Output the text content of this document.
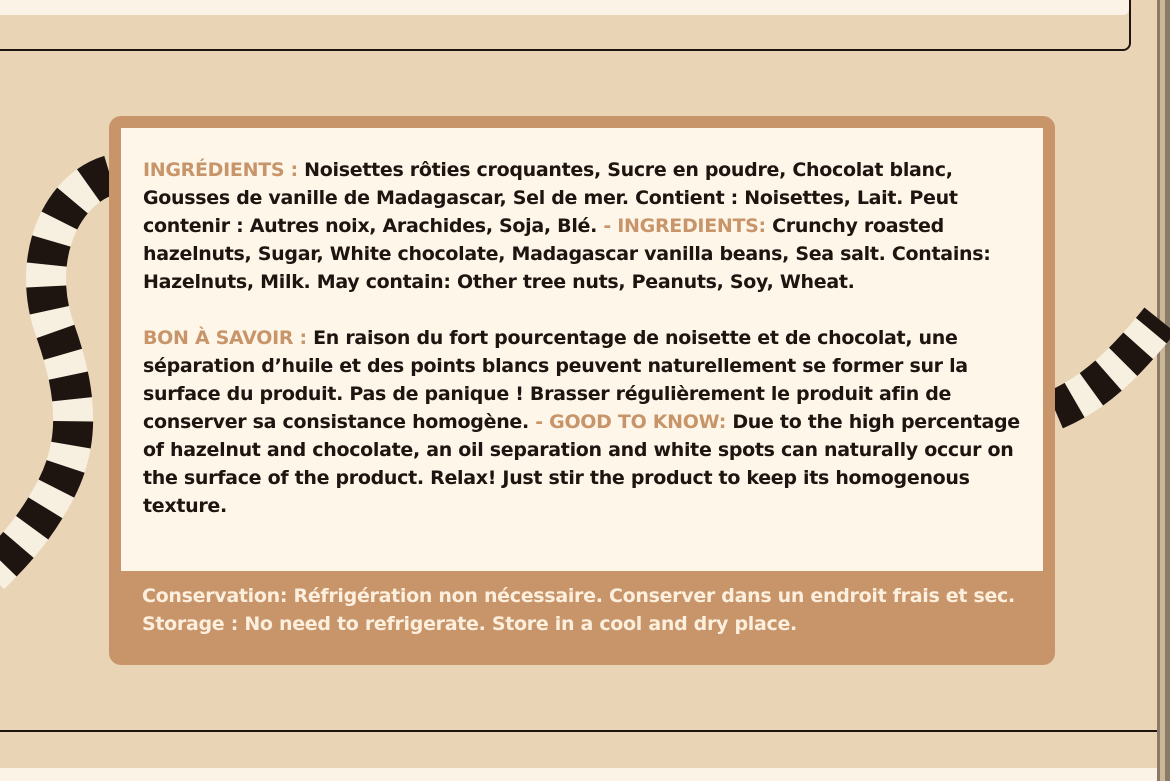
INGRÉDIENTS : Noisettes rôties croquantes, Sucre en poudre, Chocolat blanc, Gousses de vanille de Madagascar, Sel de mer. Contient : Noisettes, Lait. Peut contenir : Autres noix, Arachides, Soja, Blé. - INGREDIENTS: Crunchy roasted hazelnuts, Sugar, White chocolate, Madagascar vanilla beans, Sea salt. Contains: Hazelnuts, Milk. May contain: Other tree nuts, Peanuts, Soy, Wheat.

BON À SAVOIR : En raison du fort pourcentage de noisette et de chocolat, une séparation d’huile et des points blancs peuvent naturellement se former sur la surface du produit. Pas de panique ! Brasser régulièrement le produit afin de conserver sa consistance homogène. - GOOD TO KNOW: Due to the high percentage of hazelnut and chocolate, an oil separation and white spots can naturally occur on the surface of the product. Relax! Just stir the product to keep its homogenous texture.

Conservation: Réfrigération non nécessaire. Conserver dans un endroit frais et sec. Storage : No need to refrigerate. Store in a cool and dry place.
